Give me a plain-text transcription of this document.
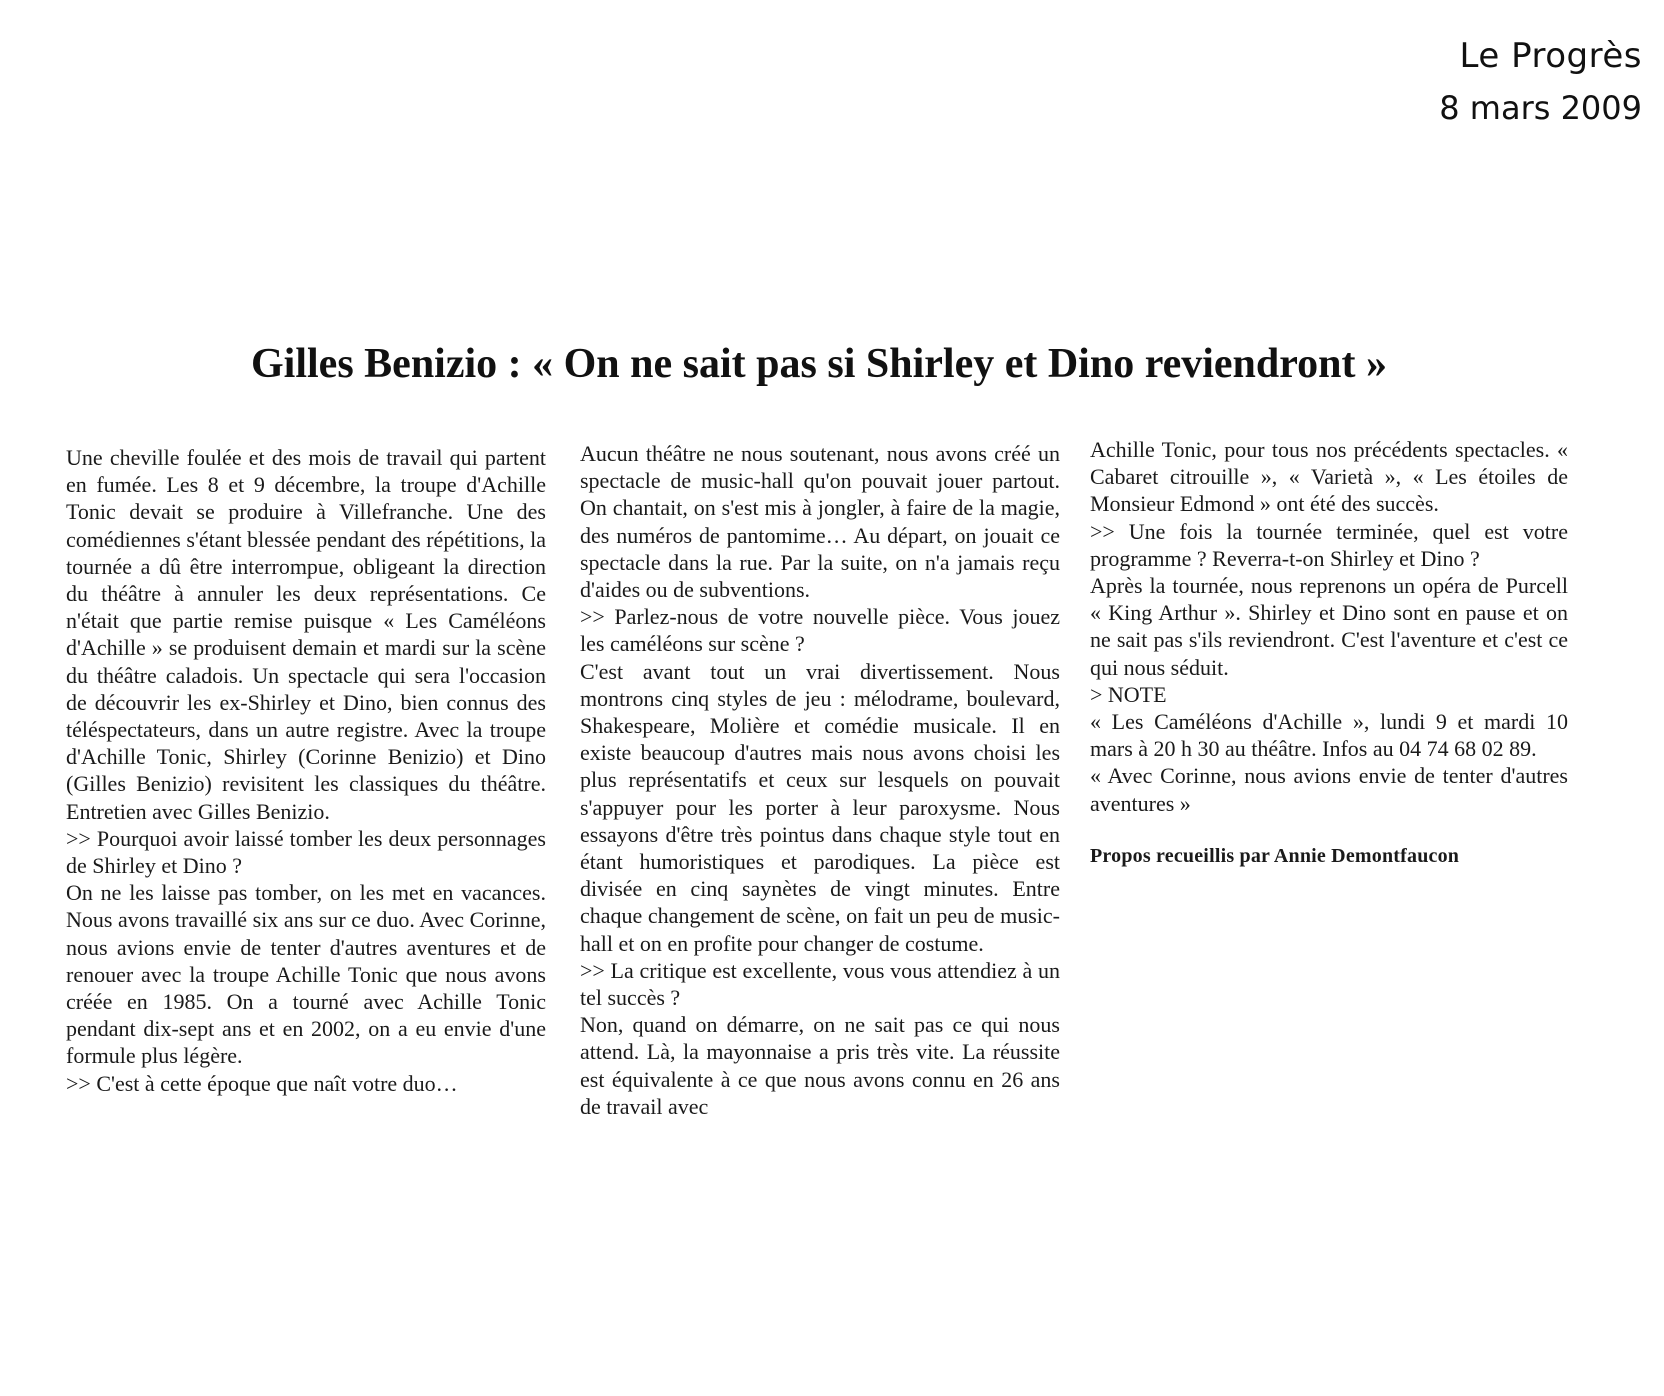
Le Progrès
8 mars 2009
Gilles Benizio : « On ne sait pas si Shirley et Dino reviendront »

Une cheville foulée et des mois de travail qui partent en fumée. Les 8 et 9 décembre, la troupe d'Achille Tonic devait se produire à Villefranche. Une des comédiennes s'étant blessée pendant des répétitions, la tournée a dû être interrompue, obligeant la direction du théâtre à annuler les deux représentations. Ce n'était que partie remise puisque « Les Caméléons d'Achille » se produisent demain et mardi sur la scène du théâtre caladois. Un spectacle qui sera l'occasion de découvrir les ex-Shirley et Dino, bien connus des téléspectateurs, dans un autre registre. Avec la troupe d'Achille Tonic, Shirley (Corinne Benizio) et Dino (Gilles Benizio) revisitent les classiques du théâtre. Entretien avec Gilles Benizio.

>> Pourquoi avoir laissé tomber les deux personnages de Shirley et Dino ?

On ne les laisse pas tomber, on les met en vacances. Nous avons travaillé six ans sur ce duo. Avec Corinne, nous avions envie de tenter d'autres aventures et de renouer avec la troupe Achille Tonic que nous avons créée en 1985. On a tourné avec Achille Tonic pendant dix-sept ans et en 2002, on a eu envie d'une formule plus légère.

>> C'est à cette époque que naît votre duo…

Aucun théâtre ne nous soutenant, nous avons créé un spectacle de music-hall qu'on pouvait jouer partout. On chantait, on s'est mis à jongler, à faire de la magie, des numéros de pantomime… Au départ, on jouait ce spectacle dans la rue. Par la suite, on n'a jamais reçu d'aides ou de subventions.

>> Parlez-nous de votre nouvelle pièce. Vous jouez les caméléons sur scène ?

C'est avant tout un vrai divertissement. Nous montrons cinq styles de jeu : mélodrame, boulevard, Shakespeare, Molière et comédie musicale. Il en existe beaucoup d'autres mais nous avons choisi les plus représentatifs et ceux sur lesquels on pouvait s'appuyer pour les porter à leur paroxysme. Nous essayons d'être très pointus dans chaque style tout en étant humoristiques et parodiques. La pièce est divisée en cinq saynètes de vingt minutes. Entre chaque changement de scène, on fait un peu de music-hall et on en profite pour changer de costume.

>> La critique est excellente, vous vous attendiez à un tel succès ?

Non, quand on démarre, on ne sait pas ce qui nous attend. Là, la mayonnaise a pris très vite. La réussite est équivalente à ce que nous avons connu en 26 ans de travail avec

Achille Tonic, pour tous nos précédents spectacles. « Cabaret citrouille », « Varietà », « Les étoiles de Monsieur Edmond » ont été des succès.

>> Une fois la tournée terminée, quel est votre programme ? Reverra-t-on Shirley et Dino ?

Après la tournée, nous reprenons un opéra de Purcell « King Arthur ». Shirley et Dino sont en pause et on ne sait pas s'ils reviendront. C'est l'aventure et c'est ce qui nous séduit.

> NOTE

« Les Caméléons d'Achille », lundi 9 et mardi 10 mars à 20 h 30 au théâtre. Infos au 04 74 68 02 89.

« Avec Corinne, nous avions envie de tenter d'autres aventures »

Propos recueillis par Annie Demontfaucon
